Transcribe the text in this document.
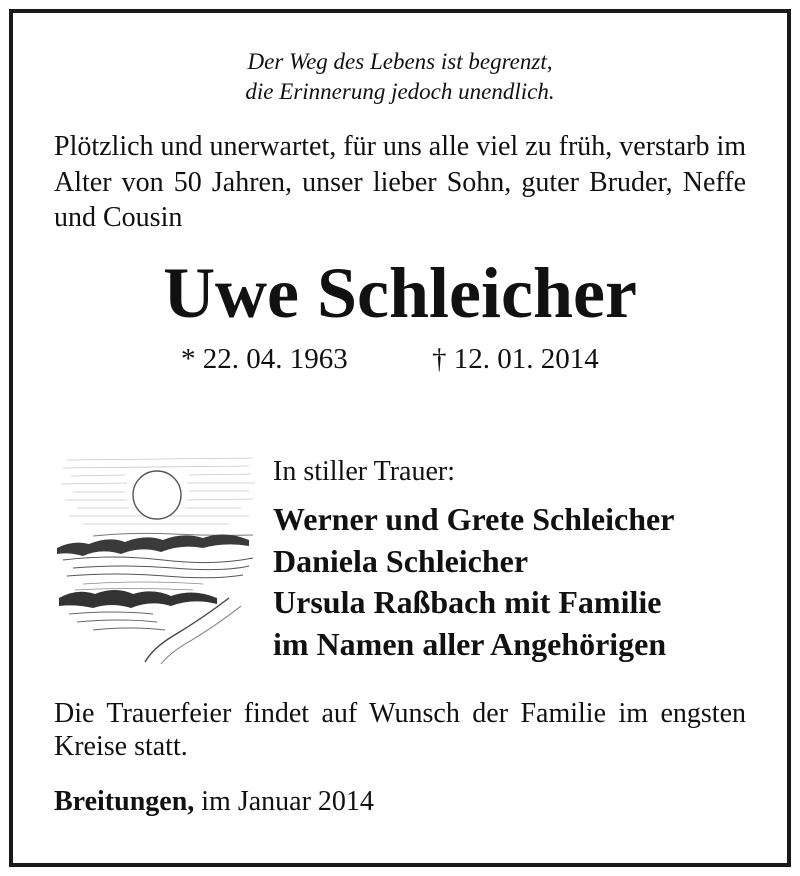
Der Weg des Lebens ist begrenzt,
die Erinnerung jedoch unendlich.
Plötzlich und unerwartet, für uns alle viel zu früh, verstarb im Alter von 50 Jahren, unser lieber Sohn, guter Bruder, Neffe und Cousin
Uwe Schleicher
* 22. 04. 1963	† 12. 01. 2014
In stiller Trauer:
Werner und Grete Schleicher
Daniela Schleicher
Ursula Raßbach mit Familie
im Namen aller Angehörigen
Die Trauerfeier findet auf Wunsch der Familie im engsten Kreise statt.
Breitungen, im Januar 2014
